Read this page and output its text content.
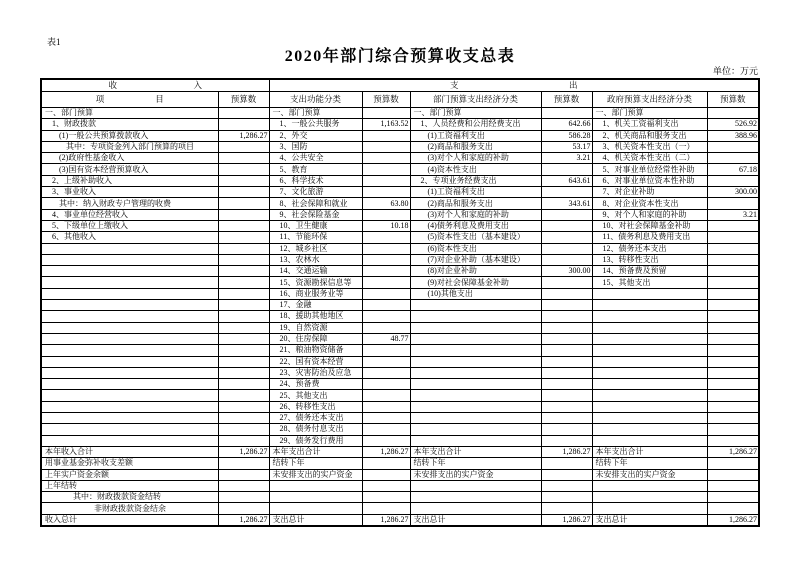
表1
2020年部门综合预算收支总表
单位：万元
收　　　　　　　　　入		支　　　　　　　　　　　　　出					
项　　　　　　目	预算数	支出功能分类	预算数	部门预算支出经济分类	预算数	政府预算支出经济分类	预算数
一、部门预算		一、部门预算		一、部门预算		一、部门预算	
1、财政拨款		1、一般公共服务	1,163.52	1、人员经费和公用经费支出	642.66	1、机关工资福利支出	526.92
(1)一般公共预算拨款收入	1,286.27	2、外交		(1)工资福利支出	586.28	2、机关商品和服务支出	388.96
其中：专项资金列入部门预算的项目		3、国防		(2)商品和服务支出	53.17	3、机关资本性支出（一）	
(2)政府性基金收入		4、公共安全		(3)对个人和家庭的补助	3.21	4、机关资本性支出（二）	
(3)国有资本经营预算收入		5、教育		(4)资本性支出		5、对事业单位经常性补助	67.18
2、上级补助收入		6、科学技术		2、专项业务经费支出	643.61	6、对事业单位资本性补助	
3、事业收入		7、文化旅游		(1)工资福利支出		7、对企业补助	300.00
其中：纳入财政专户管理的收费		8、社会保障和就业	63.80	(2)商品和服务支出	343.61	8、对企业资本性支出	
4、事业单位经营收入		9、社会保险基金		(3)对个人和家庭的补助		9、对个人和家庭的补助	3.21
5、下级单位上缴收入		10、卫生健康	10.18	(4)债务利息及费用支出		10、对社会保障基金补助	
6、其他收入		11、节能环保		(5)资本性支出（基本建设）		11、债务利息及费用支出	
		12、城乡社区		(6)资本性支出		12、债务还本支出	
		13、农林水		(7)对企业补助（基本建设）		13、转移性支出	
		14、交通运输		(8)对企业补助	300.00	14、预备费及预留	
		15、资源勘探信息等		(9)对社会保障基金补助		15、其他支出	
		16、商业服务业等		(10)其他支出			
		17、金融					
		18、援助其他地区					
		19、自然资源					
		20、住房保障	48.77				
		21、粮油物资储备					
		22、国有资本经营					
		23、灾害防治及应急					
		24、预备费					
		25、其他支出					
		26、转移性支出					
		27、债务还本支出					
		28、债务付息支出					
		29、债务发行费用					
本年收入合计	1,286.27	本年支出合计	1,286.27	本年支出合计	1,286.27	本年支出合计	1,286.27
用事业基金弥补收支差额		结转下年		结转下年		结转下年	
上年实户资金余额		未安排支出的实户资金		未安排支出的实户资金		未安排支出的实户资金	
上年结转							
其中：财政拨款资金结转							
非财政拨款资金结余							
收入总计	1,286.27	支出总计	1,286.27	支出总计	1,286.27	支出总计	1,286.27
